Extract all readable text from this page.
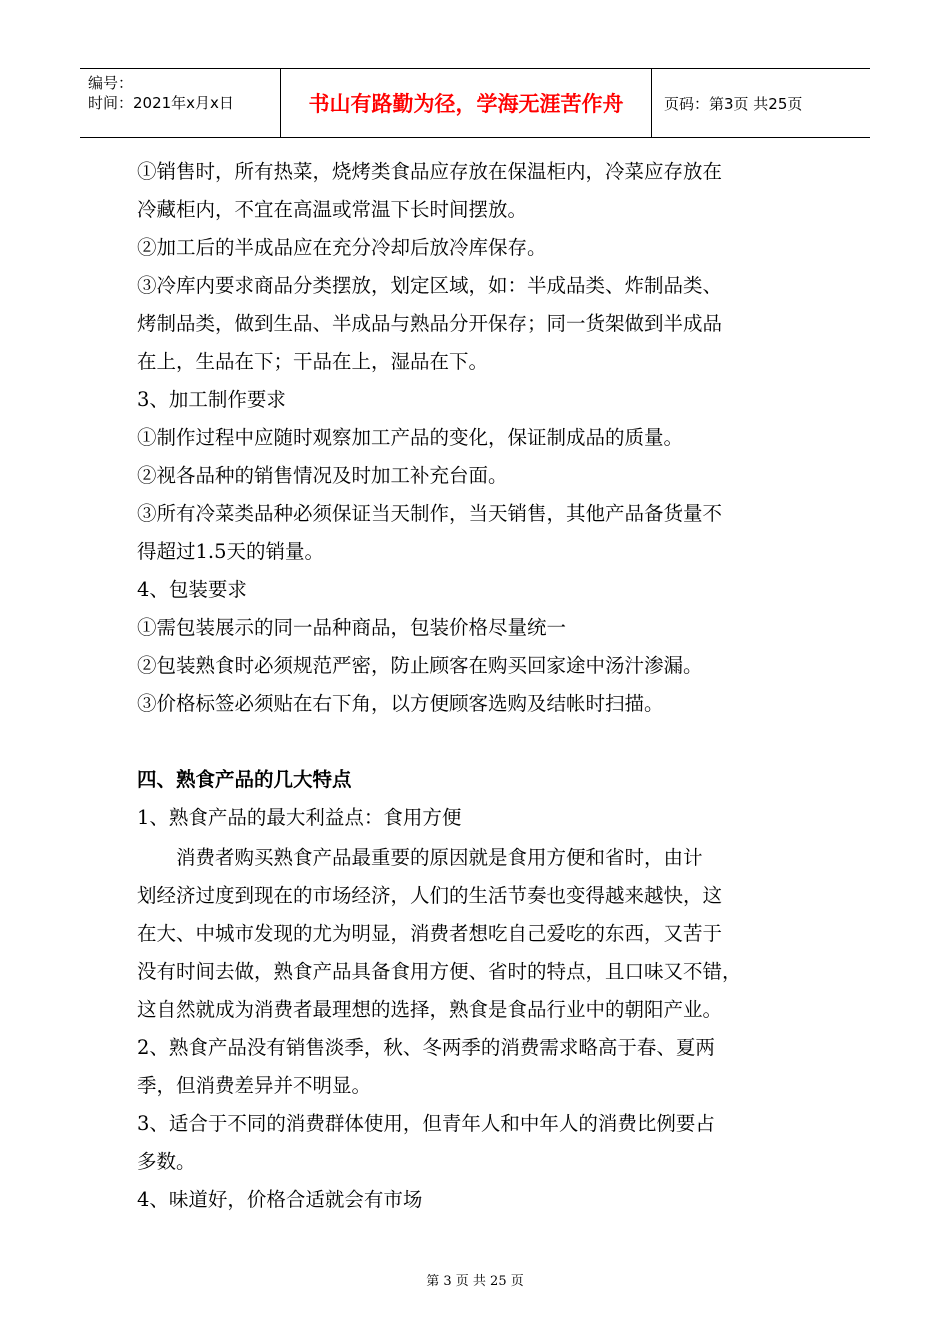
编号：
时间：2021年x月x日	书山有路勤为径，学海无涯苦作舟	页码：第3页 共25页
①销售时，所有热菜，烧烤类食品应存放在保温柜内，冷菜应存放在
冷藏柜内，不宜在高温或常温下长时间摆放。
②加工后的半成品应在充分冷却后放冷库保存。
③冷库内要求商品分类摆放，划定区域，如：半成品类、炸制品类、
烤制品类，做到生品、半成品与熟品分开保存；同一货架做到半成品
在上，生品在下；干品在上，湿品在下。
3、加工制作要求
①制作过程中应随时观察加工产品的变化，保证制成品的质量。
②视各品种的销售情况及时加工补充台面。
③所有冷菜类品种必须保证当天制作，当天销售，其他产品备货量不
得超过1.5天的销量。
4、包装要求
①需包装展示的同一品种商品，包装价格尽量统一
②包装熟食时必须规范严密，防止顾客在购买回家途中汤汁渗漏。
③价格标签必须贴在右下角，以方便顾客选购及结帐时扫描。
四、熟食产品的几大特点
1、熟食产品的最大利益点：食用方便
消费者购买熟食产品最重要的原因就是食用方便和省时，由计
划经济过度到现在的市场经济，人们的生活节奏也变得越来越快，这
在大、中城市发现的尤为明显，消费者想吃自己爱吃的东西，又苦于
没有时间去做，熟食产品具备食用方便、省时的特点，且口味又不错，
这自然就成为消费者最理想的选择，熟食是食品行业中的朝阳产业。
2、熟食产品没有销售淡季，秋、冬两季的消费需求略高于春、夏两
季，但消费差异并不明显。
3、适合于不同的消费群体使用，但青年人和中年人的消费比例要占
多数。
4、味道好，价格合适就会有市场
第 3 页 共 25 页
